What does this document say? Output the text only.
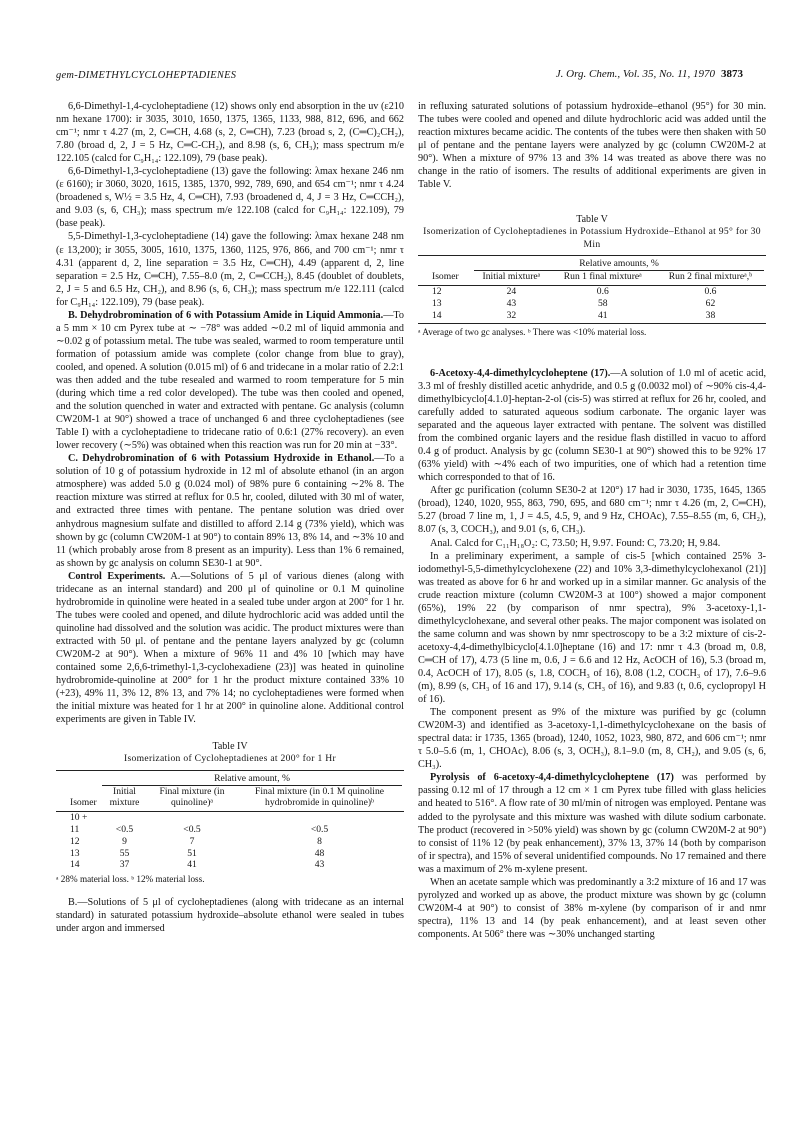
gem-DIMETHYLCYCLOHEPTADIENES	J. Org. Chem., Vol. 35, No. 11, 1970 3873

6,6-Dimethyl-1,4-cycloheptadiene (12) shows only end absorption in the uv (ε210 nm hexane 1700): ir 3035, 3010, 1650, 1375, 1365, 1133, 988, 812, 696, and 662 cm⁻¹; nmr τ 4.27 (m, 2, C═CH, 4.68 (s, 2, C═CH), 7.23 (broad s, 2, (C═C)₂CH₂), 7.80 (broad d, 2, J = 5 Hz, C═C-CH₂), and 8.98 (s, 6, CH₃); mass spectrum m/e 122.105 (calcd for C₉H₁₄: 122.109), 79 (base peak).

6,6-Dimethyl-1,3-cycloheptadiene (13) gave the following: λmax hexane 246 nm (ε 6160); ir 3060, 3020, 1615, 1385, 1370, 992, 789, 690, and 654 cm⁻¹; nmr τ 4.24 (broadened s, W½ = 3.5 Hz, 4, C═CH), 7.93 (broadened d, 4, J = 3 Hz, C═CCH₂), and 9.03 (s, 6, CH₃); mass spectrum m/e 122.108 (calcd for C₉H₁₄: 122.109), 79 (base peak).

5,5-Dimethyl-1,3-cycloheptadiene (14) gave the following: λmax hexane 248 nm (ε 13,200); ir 3055, 3005, 1610, 1375, 1360, 1125, 976, 866, and 700 cm⁻¹; nmr τ 4.31 (apparent d, 2, line separation = 3.5 Hz, C═CH), 4.49 (apparent d, 2, line separation = 2.5 Hz, C═CH), 7.55–8.0 (m, 2, C═CCH₂), 8.45 (doublet of doublets, 2, J = 5 and 6.5 Hz, CH₂), and 8.96 (s, 6, CH₃); mass spectrum m/e 122.111 (calcd for C₉H₁₄: 122.109), 79 (base peak).

B. Dehydrobromination of 6 with Potassium Amide in Liquid Ammonia.—To a 5 mm × 10 cm Pyrex tube at ∼ −78° was added ∼0.2 ml of liquid ammonia and ∼0.02 g of potassium metal. The tube was sealed, warmed to room temperature until formation of potassium amide was complete (color change from blue to gray), cooled, and opened. A solution (0.015 ml) of 6 and tridecane in a molar ratio of 2.2:1 was then added and the tube resealed and warmed to room temperature for 5 min (during which time a red color developed). The tube was then cooled and opened, and the solution quenched in water and extracted with pentane. Gc analysis (column CW20M-1 at 90°) showed a trace of unchanged 6 and three cycloheptadienes (see Table I) with a cycloheptadiene to tridecane ratio of 0.6:1 (27% recovery). an even lower recovery (∼5%) was obtained when this reaction was run for 20 min at −33°.

C. Dehydrobromination of 6 with Potassium Hydroxide in Ethanol.—To a solution of 10 g of potassium hydroxide in 12 ml of absolute ethanol (in an argon atmosphere) was added 5.0 g (0.024 mol) of 98% pure 6 containing ∼2% 8. The reaction mixture was stirred at reflux for 0.5 hr, cooled, diluted with 30 ml of water, and extracted three times with pentane. The pentane solution was dried over anhydrous magnesium sulfate and distilled to afford 2.14 g (73% yield), which was shown by gc (column CW20M-1 at 90°) to contain 89% 13, 8% 14, and ∼3% 10 and 11 (which probably arose from 8 present as an impurity). Less than 1% 6 remained, as shown by gc analysis on column SE30-1 at 90°.

Control Experiments. A.—Solutions of 5 μl of various dienes (along with tridecane as an internal standard) and 200 μl of quinoline or 0.1 M quinoline hydrobromide in quinoline were heated in a sealed tube under argon at 200° for 1 hr. The tubes were cooled and opened, and dilute hydrochloric acid was added until the quinoline had dissolved and the solution was acidic. The product mixtures were than extracted with 50 μl. of pentane and the pentane layers analyzed by gc (column CW20M-2 at 90°). When a mixture of 96% 11 and 4% 10 [which may have contained some 2,6,6-trimethyl-1,3-cyclohexadiene (23)] was heated in quinoline hydrobromide-quinoline at 200° for 1 hr the product mixture contained 33% 10 (+23), 49% 11, 3% 12, 8% 13, and 7% 14; no cycloheptadienes were formed when the initial mixture was heated for 1 hr at 200° in quinoline alone. Additional control experiments are given in Table IV.

Table IV
Isomerization of Cycloheptadienes at 200° for 1 Hr

	Relative amount, %		

Isomer	Initial mixture	Final mixture (in quinoline)ᵃ	Final mixture (in 0.1 M quinoline hydrobromide in quinoline)ᵇ

10 + 11	<0.5	<0.5	<0.5
12	9	7	8
13	55	51	48
14	37	41	43
ᵃ 28% material loss. ᵇ 12% material loss.

B.—Solutions of 5 μl of cycloheptadienes (along with tridecane as an internal standard) in saturated potassium hydroxide–absolute ethanol were sealed in tubes under argon and immersed

in refluxing saturated solutions of potassium hydroxide–ethanol (95°) for 30 min. The tubes were cooled and opened and dilute hydrochloric acid was added until the reaction mixtures became acidic. The contents of the tubes were then shaken with 50 μl of pentane and the pentane layers were analyzed by gc (column CW20M-2 at 90°). When a mixture of 97% 13 and 3% 14 was treated as above there was no change in the ratio of isomers. The results of additional experiments are given in Table V.

Table V
Isomerization of Cycloheptadienes in Potassium Hydroxide–Ethanol at 95° for 30 Min

	Relative amounts, %		

Isomer	Initial mixtureᵃ	Run 1 final mixtureᵃ	Run 2 final mixtureᵃ,ᵇ

12	24	0.6	0.6
13	43	58	62
14	32	41	38

ᵃ Average of two gc analyses. ᵇ There was <10% material loss.

6-Acetoxy-4,4-dimethylcycloheptene (17).—A solution of 1.0 ml of acetic acid, 3.3 ml of freshly distilled acetic anhydride, and 0.5 g (0.0032 mol) of ∼90% cis-4,4-dimethylbicyclo[4.1.0]-heptan-2-ol (cis-5) was stirred at reflux for 26 hr, cooled, and carefully added to saturated aqueous sodium carbonate. The organic layer was separated and the aqueous layer extracted with pentane. The solvent was distilled from the combined organic layers and the residue flash distilled in vacuo to afford 0.4 g of product. Analysis by gc (column SE30-1 at 90°) showed this to be 92% 17 (63% yield) with ∼4% each of two impurities, one of which had a retention time which corresponded to that of 16.

After gc purification (column SE30-2 at 120°) 17 had ir 3030, 1735, 1645, 1365 (broad), 1240, 1020, 955, 863, 790, 695, and 680 cm⁻¹; nmr τ 4.26 (m, 2, C═CH), 5.27 (broad 7 line m, 1, J = 4.5, 4.5, 9, and 9 Hz, CHOAc), 7.55–8.55 (m, 6, CH₂), 8.07 (s, 3, COCH₃), and 9.01 (s, 6, CH₃).

Anal. Calcd for C₁₁H₁₈O₂: C, 73.50; H, 9.97. Found: C, 73.20; H, 9.84.

In a preliminary experiment, a sample of cis-5 [which contained 25% 3-iodomethyl-5,5-dimethylcyclohexene (22) and 10% 3,3-dimethylcyclohexanol (21)] was treated as above for 6 hr and worked up in a similar manner. Gc analysis of the crude reaction mixture (column CW20M-3 at 100°) showed a major component (65%), 19% 22 (by comparison of nmr spectra), 9% 3-acetoxy-1,1-dimethylcyclohexane, and several other peaks. The major component was isolated on the same column and was shown by nmr spectroscopy to be a 3:2 mixture of cis-2-acetoxy-4,4-dimethylbicyclo[4.1.0]heptane (16) and 17: nmr τ 4.3 (broad m, 0.8, C═CH of 17), 4.73 (5 line m, 0.6, J = 6.6 and 12 Hz, AcOCH of 16), 5.3 (broad m, 0.4, AcOCH of 17), 8.05 (s, 1.8, COCH₃ of 16), 8.08 (1.2, COCH₃ of 17), 7.6–9.6 (m), 8.99 (s, CH₃ of 16 and 17), 9.14 (s, CH₃ of 16), and 9.83 (t, 0.6, cyclopropyl H of 16).

The component present as 9% of the mixture was purified by gc (column CW20M-3) and identified as 3-acetoxy-1,1-dimethylcyclohexane on the basis of spectral data: ir 1735, 1365 (broad), 1240, 1052, 1023, 980, 872, and 606 cm⁻¹; nmr τ 5.0–5.6 (m, 1, CHOAc), 8.06 (s, 3, OCH₃), 8.1–9.0 (m, 8, CH₂), and 9.05 (s, 6, CH₃).

Pyrolysis of 6-acetoxy-4,4-dimethylcycloheptene (17) was performed by passing 0.12 ml of 17 through a 12 cm × 1 cm Pyrex tube filled with glass helicies and heated to 516°. A flow rate of 30 ml/min of nitrogen was employed. Pentane was added to the pyrolysate and this mixture was washed with dilute sodium carbonate. The product (recovered in >50% yield) was shown by gc (column CW20M-2 at 90°) to consist of 11% 12 (by peak enhancement), 37% 13, 37% 14 (both by comparison of ir spectra), and 15% of several unidentified compounds. No 17 remained and there was a maximum of 2% m-xylene present.

When an acetate sample which was predominantly a 3:2 mixture of 16 and 17 was pyrolyzed and worked up as above, the product mixture was shown by gc (column CW20M-4 at 90°) to consist of 38% m-xylene (by comparison of ir and nmr spectra), 11% 13 and 14 (by peak enhancement), and at least seven other components. At 506° there was ∼30% unchanged starting
